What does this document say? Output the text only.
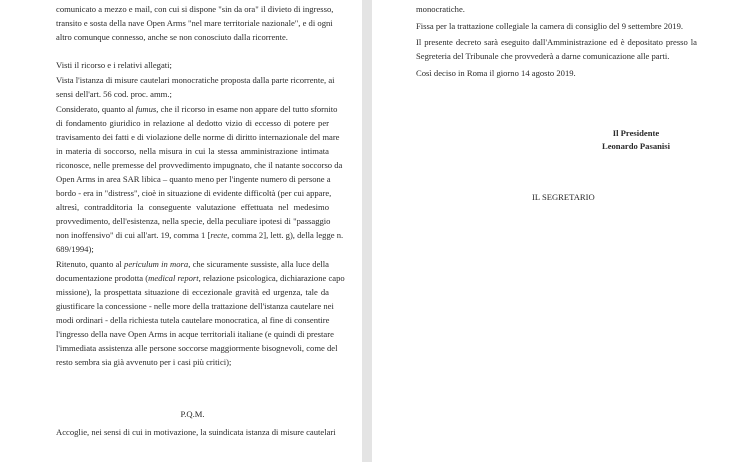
comunicato a mezzo e mail, con cui si dispone "sin da ora" il divieto di ingresso,
transito e sosta della nave Open Arms "nel mare territoriale nazionale", e di ogni
altro comunque connesso, anche se non conosciuto dalla ricorrente.
Visti il ricorso e i relativi allegati;
Vista l'istanza di misure cautelari monocratiche proposta dalla parte ricorrente, ai
sensi dell'art. 56 cod. proc. amm.;
Considerato, quanto al fumus, che il ricorso in esame non appare del tutto sfornito
di fondamento giuridico in relazione al dedotto vizio di eccesso di potere per
travisamento dei fatti e di violazione delle norme di diritto internazionale del mare
in materia di soccorso, nella misura in cui la stessa amministrazione intimata
riconosce, nelle premesse del provvedimento impugnato, che il natante soccorso da
Open Arms in area SAR libica – quanto meno per l'ingente numero di persone a
bordo - era in "distress", cioè in situazione di evidente difficoltà (per cui appare,
altresì, contradditoria la conseguente valutazione effettuata nel medesimo
provvedimento, dell'esistenza, nella specie, della peculiare ipotesi di "passaggio
non inoffensivo" di cui all'art. 19, comma 1 [recte, comma 2], lett. g), della legge n.
689/1994);
Ritenuto, quanto al periculum in mora, che sicuramente sussiste, alla luce della
documentazione prodotta (medical report, relazione psicologica, dichiarazione capo
missione), la prospettata situazione di eccezionale gravità ed urgenza, tale da
giustificare la concessione - nelle more della trattazione dell'istanza cautelare nei
modi ordinari - della richiesta tutela cautelare monocratica, al fine di consentire
l'ingresso della nave Open Arms in acque territoriali italiane (e quindi di prestare
l'immediata assistenza alle persone soccorse maggiormente bisognevoli, come del
resto sembra sia già avvenuto per i casi più critici);
P.Q.M.
Accoglie, nei sensi di cui in motivazione, la suindicata istanza di misure cautelari
monocratiche.
Fissa per la trattazione collegiale la camera di consiglio del 9 settembre 2019.
Il presente decreto sarà eseguito dall'Amministrazione ed è depositato presso la
Segreteria del Tribunale che provvederà a darne comunicazione alle parti.
Così deciso in Roma il giorno 14 agosto 2019.
Il Presidente
Leonardo Pasanisi
IL SEGRETARIO
